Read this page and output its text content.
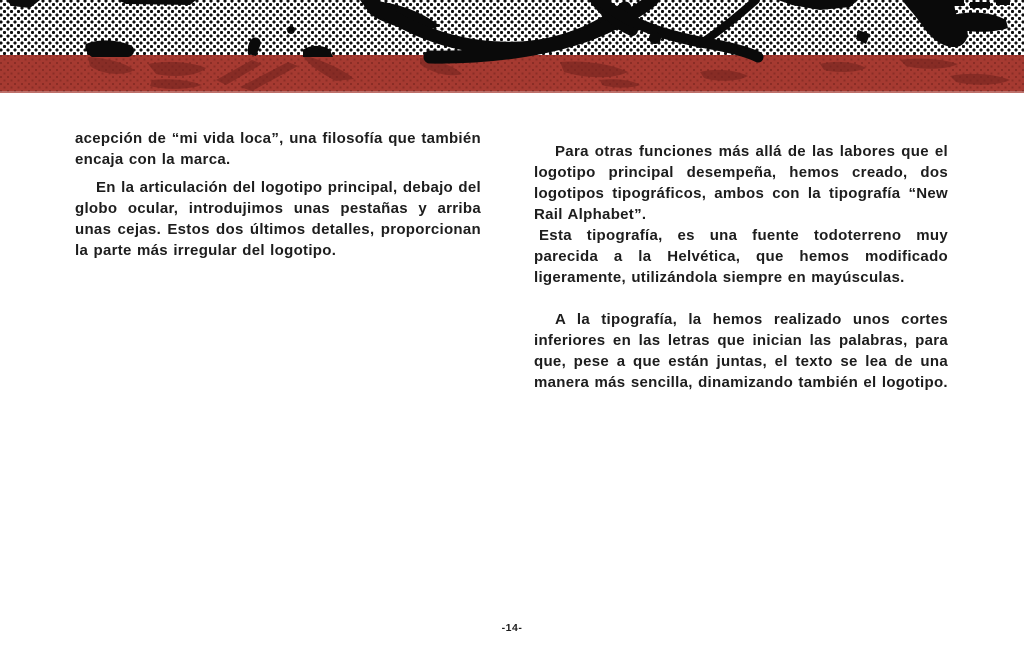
acepción de “mi vida loca”, una filosofía que también encaja con la marca.

En la articulación del logotipo principal, debajo del globo ocular, introdujimos unas pestañas y arriba unas cejas. Estos dos últimos detalles, proporcionan la parte más irregular del logotipo.

Para otras funciones más allá de las labores que el logotipo principal desempeña, hemos creado, dos logotipos tipográficos, ambos con la tipografía “New Rail Alphabet”.

Esta tipografía, es una fuente todoterreno muy parecida a la Helvética, que hemos modificado ligeramente, utilizándola siempre en mayúsculas.

A la tipografía, la hemos realizado unos cortes inferiores en las letras que inician las palabras, para que, pese a que están juntas, el texto se lea de una manera más sencilla, dinamizando también el logotipo.

-14-
